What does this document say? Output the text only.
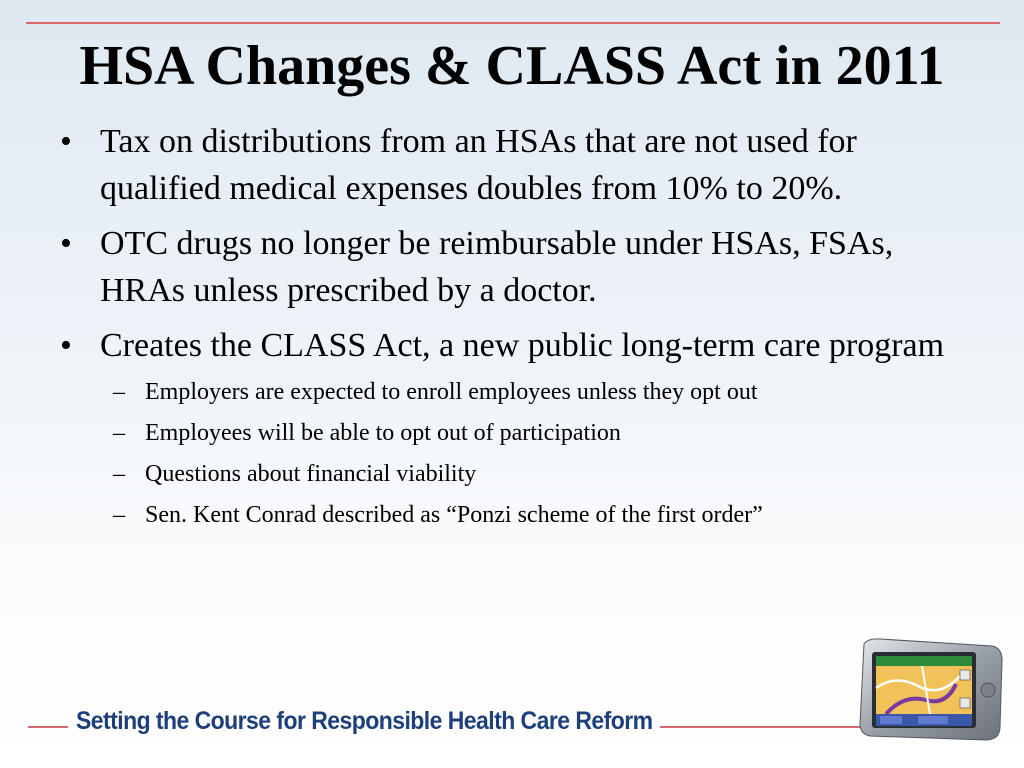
HSA Changes & CLASS Act in 2011
• Tax on distributions from an HSAs that are not used for qualified medical expenses doubles from 10% to 20%.
• OTC drugs no longer be reimbursable under HSAs, FSAs, HRAs unless prescribed by a doctor.
• Creates the CLASS Act, a new public long-term care program
– Employers are expected to enroll employees unless they opt out
– Employees will be able to opt out of participation
– Questions about financial viability
– Sen. Kent Conrad described as “Ponzi scheme of the first order”
Setting the Course for Responsible Health Care Reform
